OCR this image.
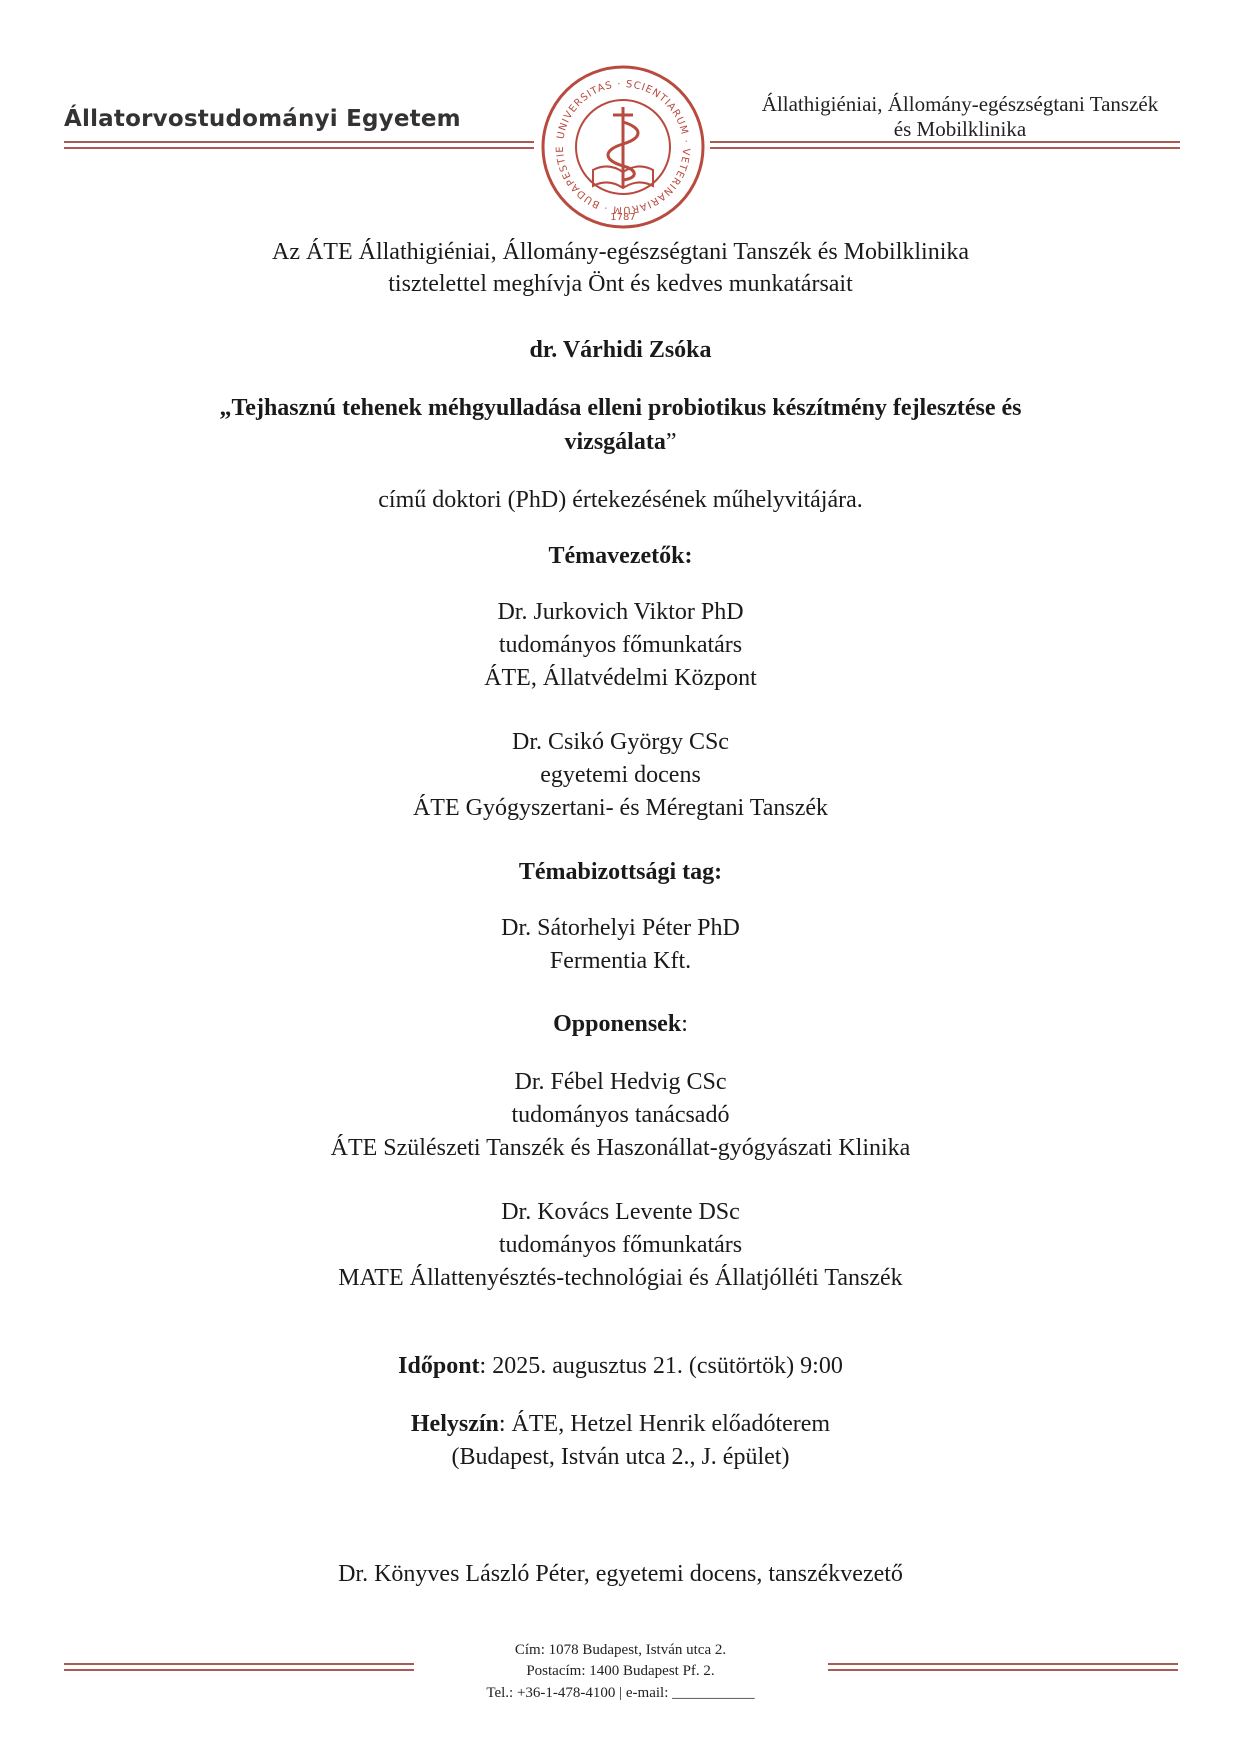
Állatorvostudományi Egyetem
UNIVERSITAS · SCIENTIARUM · VETERINARIARUM · BUDAPESTIE
1787
Állathigiéniai, Állomány-egészségtani Tanszék
és Mobilklinika
Az ÁTE Állathigiéniai, Állomány-egészségtani Tanszék és Mobilklinika
tisztelettel meghívja Önt és kedves munkatársait
dr. Várhidi Zsóka
„Tejhasznú tehenek méhgyulladása elleni probiotikus készítmény fejlesztése és
vizsgálata”
című doktori (PhD) értekezésének műhelyvitájára.
Témavezetők:
Dr. Jurkovich Viktor PhD
tudományos főmunkatárs
ÁTE, Állatvédelmi Központ
Dr. Csikó György CSc
egyetemi docens
ÁTE Gyógyszertani- és Méregtani Tanszék
Témabizottsági tag:
Dr. Sátorhelyi Péter PhD
Fermentia Kft.
Opponensek:
Dr. Fébel Hedvig CSc
tudományos tanácsadó
ÁTE Szülészeti Tanszék és Haszonállat-gyógyászati Klinika
Dr. Kovács Levente DSc
tudományos főmunkatárs
MATE Állattenyésztés-technológiai és Állatjólléti Tanszék
Időpont: 2025. augusztus 21. (csütörtök) 9:00
Helyszín: ÁTE, Hetzel Henrik előadóterem
(Budapest, István utca 2., J. épület)
Dr. Könyves László Péter, egyetemi docens, tanszékvezető
Cím: 1078 Budapest, István utca 2.
Postacím: 1400 Budapest Pf. 2.
Tel.: +36-1-478-4100 | e-mail: ___________
